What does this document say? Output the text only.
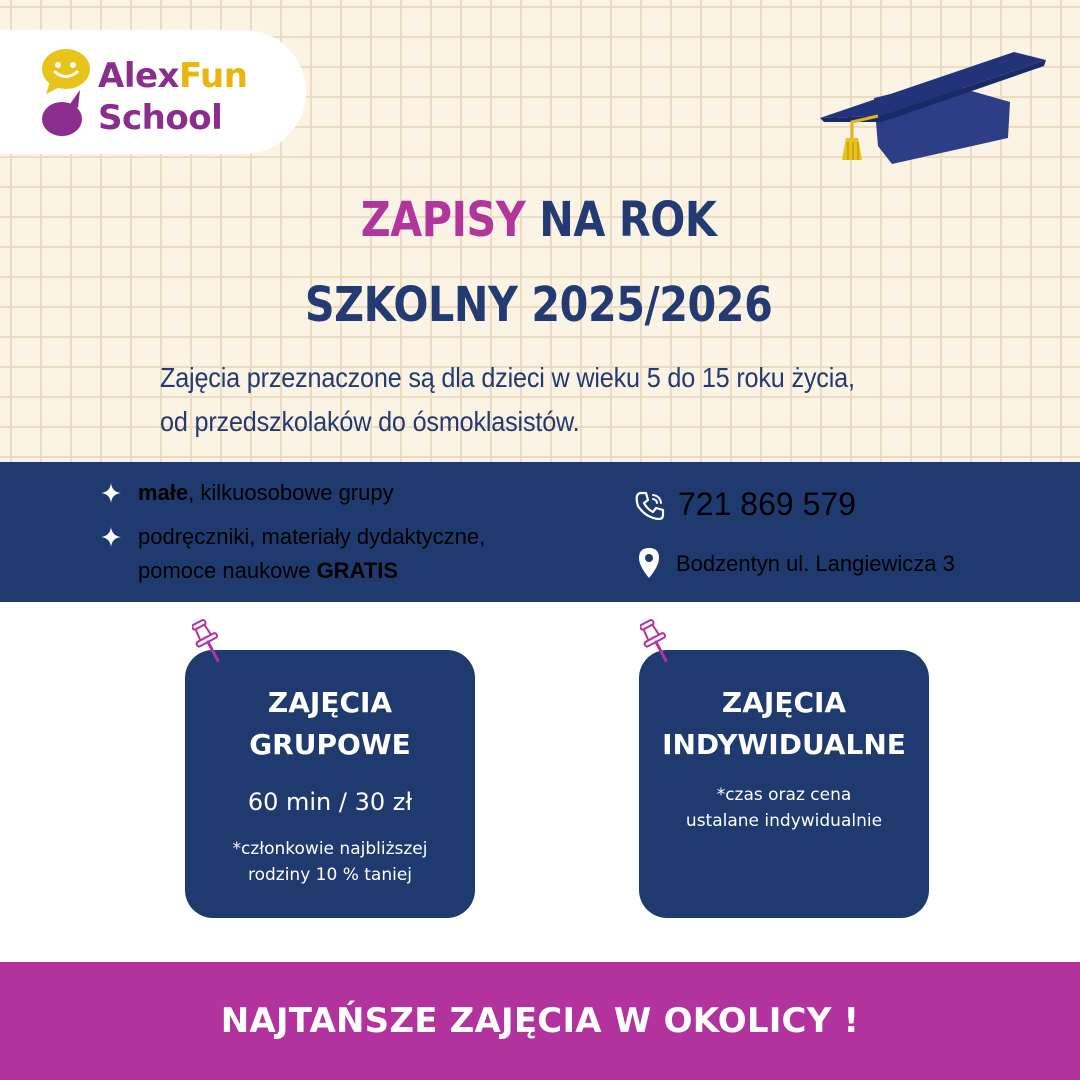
AlexFun
School
ZAPISY NA ROK
SZKOLNY 2025/2026
Zajęcia przeznaczone są dla dzieci w wieku 5 do 15 roku życia,
od przedszkolaków do ósmoklasistów.
małe, kilkuosobowe grupy
podręczniki, materiały dydaktyczne,
pomoce naukowe GRATIS
721 869 579
Bodzentyn ul. Langiewicza 3
ZAJĘCIA
GRUPOWE
60 min / 30 zł
*członkowie najbliższej
rodziny 10 % taniej
ZAJĘCIA
INDYWIDUALNE
*czas oraz cena
ustalane indywidualnie
NAJTAŃSZE ZAJĘCIA W OKOLICY !
